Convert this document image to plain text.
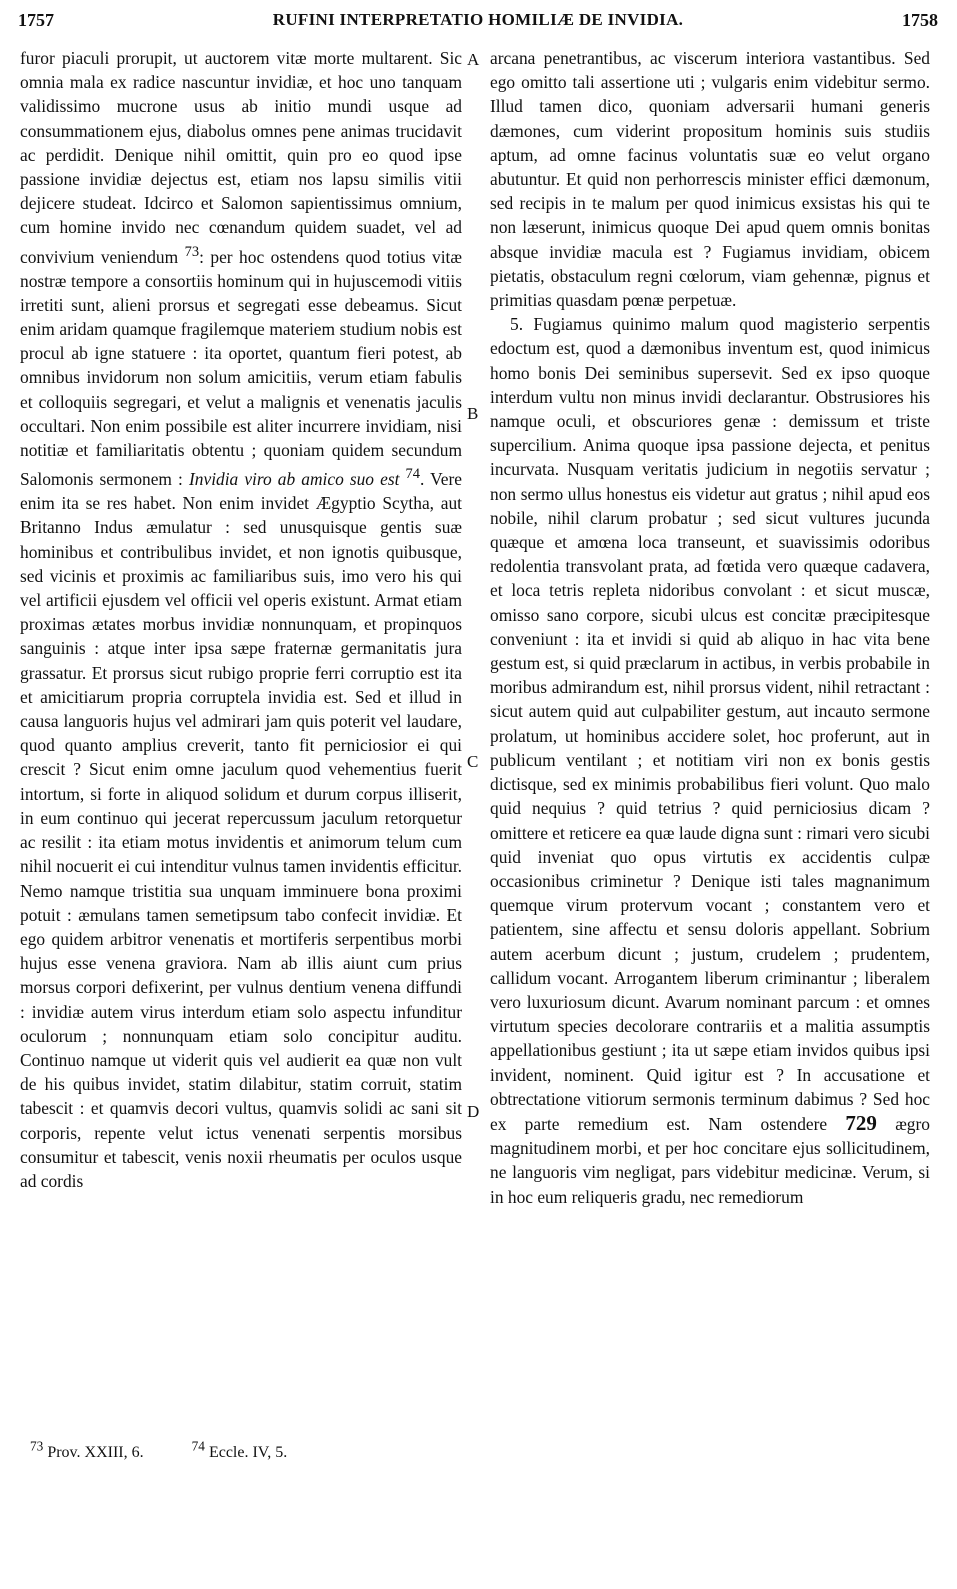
1757	RUFINI INTERPRETATIO HOMILIÆ DE INVIDIA.	1758

furor piaculi prorupit, ut auctorem vitæ morte multarent. Sic omnia mala ex radice nascuntur invidiæ, et hoc uno tanquam validissimo mucrone usus ab initio mundi usque ad consummationem ejus, diabolus omnes pene animas trucidavit ac perdidit. Denique nihil omittit, quin pro eo quod ipse passione invidiæ dejectus est, etiam nos lapsu similis vitii dejicere studeat. Idcirco et Salomon sapientissimus omnium, cum homine invido nec cœnandum quidem suadet, vel ad convivium veniendum $^{73}$: per hoc ostendens quod totius vitæ nostræ tempore a consortiis hominum qui in hujuscemodi vitiis irretiti sunt, alieni prorsus et segregati esse debeamus. Sicut enim aridam quamque fragilemque materiem studium nobis est procul ab igne statuere : ita oportet, quantum fieri potest, ab omnibus invidorum non solum amicitiis, verum etiam fabulis et colloquiis segregari, et velut a malignis et venenatis jaculis occultari. Non enim possibile est aliter incurrere invidiam, nisi notitiæ et familiaritatis obtentu ; quoniam quidem secundum Salomonis sermonem : Invidia viro ab amico suo est $^{74}$. Vere enim ita se res habet. Non enim invidet Ægyptio Scytha, aut Britanno Indus æmulatur : sed unusquisque gentis suæ hominibus et contribulibus invidet, et non ignotis quibusque, sed vicinis et proximis ac familiaribus suis, imo vero his qui vel artificii ejusdem vel officii vel operis existunt. Armat etiam proximas ætates morbus invidiæ nonnunquam, et propinquos sanguinis : atque inter ipsa sæpe fraternæ germanitatis jura grassatur. Et prorsus sicut rubigo proprie ferri corruptio est ita et amicitiarum propria corruptela invidia est. Sed et illud in causa languoris hujus vel admirari jam quis poterit vel laudare, quod quanto amplius creverit, tanto fit perniciosior ei qui crescit ? Sicut enim omne jaculum quod vehementius fuerit intortum, si forte in aliquod solidum et durum corpus illiserit, in eum continuo qui jecerat repercussum jaculum retorquetur ac resilit : ita etiam motus invidentis et animorum telum cum nihil nocuerit ei cui intenditur vulnus tamen invidentis efficitur. Nemo namque tristitia sua unquam imminuere bona proximi potuit : æmulans tamen semetipsum tabo confecit invidiæ. Et ego quidem arbitror venenatis et mortiferis serpentibus morbi hujus esse venena graviora. Nam ab illis aiunt cum prius morsus corpori defixerint, per vulnus dentium venena diffundi : invidiæ autem virus interdum etiam solo aspectu infunditur oculorum ; nonnunquam etiam solo concipitur auditu. Continuo namque ut viderit quis vel audierit ea quæ non vult de his quibus invidet, statim dilabitur, statim corruit, statim tabescit : et quamvis decori vultus, quamvis solidi ac sani sit corporis, repente velut ictus venenati serpentis morsibus consumitur et tabescit, venis noxii rheumatis per oculos usque ad cordis

A
B
C
D

arcana penetrantibus, ac viscerum interiora vastantibus. Sed ego omitto tali assertione uti ; vulgaris enim videbitur sermo. Illud tamen dico, quoniam adversarii humani generis dæmones, cum viderint propositum hominis suis studiis aptum, ad omne facinus voluntatis suæ eo velut organo abutuntur. Et quid non perhorrescis minister effici dæmonum, sed recipis in te malum per quod inimicus exsistas his qui te non læserunt, inimicus quoque Dei apud quem omnis bonitas absque invidiæ macula est ? Fugiamus invidiam, obicem pietatis, obstaculum regni cœlorum, viam gehennæ, pignus et primitias quasdam pœnæ perpetuæ.

5. Fugiamus quinimo malum quod magisterio serpentis edoctum est, quod a dæmonibus inventum est, quod inimicus homo bonis Dei seminibus supersevit. Sed ex ipso quoque interdum vultu non minus invidi declarantur. Obstrusiores his namque oculi, et obscuriores genæ : demissum et triste supercilium. Anima quoque ipsa passione dejecta, et penitus incurvata. Nusquam veritatis judicium in negotiis servatur ; non sermo ullus honestus eis videtur aut gratus ; nihil apud eos nobile, nihil clarum probatur ; sed sicut vultures jucunda quæque et amœna loca transeunt, et suavissimis odoribus redolentia transvolant prata, ad fœtida vero quæque cadavera, et loca tetris repleta nidoribus convolant : et sicut muscæ, omisso sano corpore, sicubi ulcus est concitæ præcipitesque conveniunt : ita et invidi si quid ab aliquo in hac vita bene gestum est, si quid præclarum in actibus, in verbis probabile in moribus admirandum est, nihil prorsus vident, nihil retractant : sicut autem quid aut culpabiliter gestum, aut incauto sermone prolatum, ut hominibus accidere solet, hoc proferunt, aut in publicum ventilant ; et notitiam viri non ex bonis gestis dictisque, sed ex minimis probabilibus fieri volunt. Quo malo quid nequius ? quid tetrius ? quid perniciosius dicam ? omittere et reticere ea quæ laude digna sunt : rimari vero sicubi quid inveniat quo opus virtutis ex accidentis culpæ occasionibus criminetur ? Denique isti tales magnanimum quemque virum protervum vocant ; constantem vero et patientem, sine affectu et sensu doloris appellant. Sobrium autem acerbum dicunt ; justum, crudelem ; prudentem, callidum vocant. Arrogantem liberum criminantur ; liberalem vero luxuriosum dicunt. Avarum nominant parcum : et omnes virtutum species decolorare contrariis et a malitia assumptis appellationibus gestiunt ; ita ut sæpe etiam invidos quibus ipsi invident, nominent. Quid igitur est ? In accusatione et obtrectatione vitiorum sermonis terminum dabimus ? Sed hoc ex parte remedium est. Nam ostendere 729 ægro magnitudinem morbi, et per hoc concitare ejus sollicitudinem, ne languoris vim negligat, pars videbitur medicinæ. Verum, si in hoc eum reliqueris gradu, nec remediorum

$^{73}$ Prov. XXIII, 6.	$^{74}$ Eccle. IV, 5.
